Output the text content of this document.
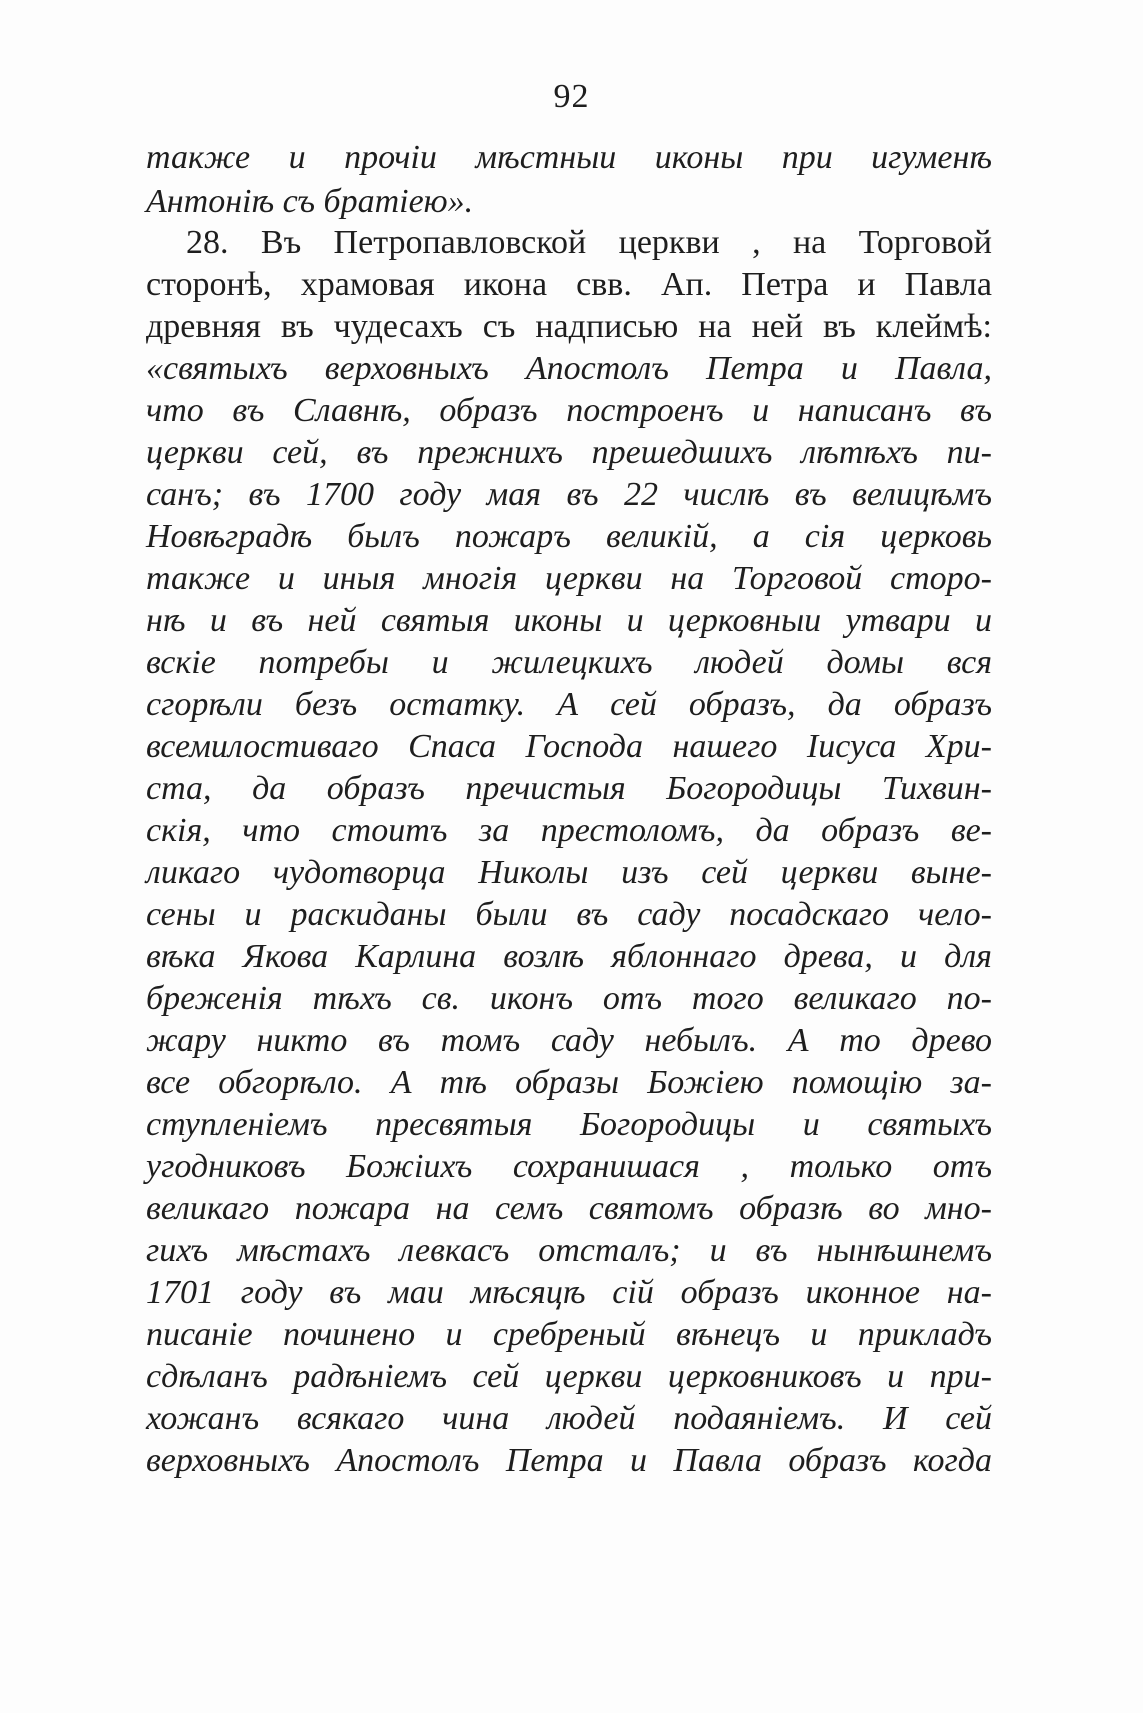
92
также и прочіи мѣстныи иконы при игуменѣ
Антоніѣ съ братіею».
28. Въ Петропавловской церкви , на Торговой
сторонѣ, храмовая икона свв. Ап. Петра и Павла
древняя въ чудесахъ съ надписью на ней въ клеймѣ:
«святыхъ верховныхъ Апостолъ Петра и Павла,
что въ Славнѣ, образъ построенъ и написанъ въ
церкви сей, въ прежнихъ прешедшихъ лѣтѣхъ пи-
санъ; въ 1700 году мая въ 22 числѣ въ велицѣмъ
Новѣградѣ былъ пожаръ великій, а сія церковь
также и иныя многія церкви на Торговой сторо-
нѣ и въ ней святыя иконы и церковныи утвари и
вскіе потребы и жилецкихъ людей домы вся
сгорѣли безъ остатку. А сей образъ, да образъ
всемилостиваго Спаса Господа нашего Іисуса Хри-
ста, да образъ пречистыя Богородицы Тихвин-
скія, что стоитъ за престоломъ, да образъ ве-
ликаго чудотворца Николы изъ сей церкви выне-
сены и раскиданы были въ саду посадскаго чело-
вѣка Якова Карлина возлѣ яблоннаго древа, и для
бреженія тѣхъ св. иконъ отъ того великаго по-
жару никто въ томъ саду небылъ. А то древо
все обгорѣло. А тѣ образы Божіею помощію за-
ступленіемъ пресвятыя Богородицы и святыхъ
угодниковъ Божіихъ сохранишася , только отъ
великаго пожара на семъ святомъ образѣ во мно-
гихъ мѣстахъ левкасъ отсталъ; и въ нынѣшнемъ
1701 году въ маи мѣсяцѣ сій образъ иконное на-
писаніе починено и сребреный вѣнецъ и прикладъ
сдѣланъ радѣніемъ сей церкви церковниковъ и при-
хожанъ всякаго чина людей подаяніемъ. И сей
верховныхъ Апостолъ Петра и Павла образъ когда
